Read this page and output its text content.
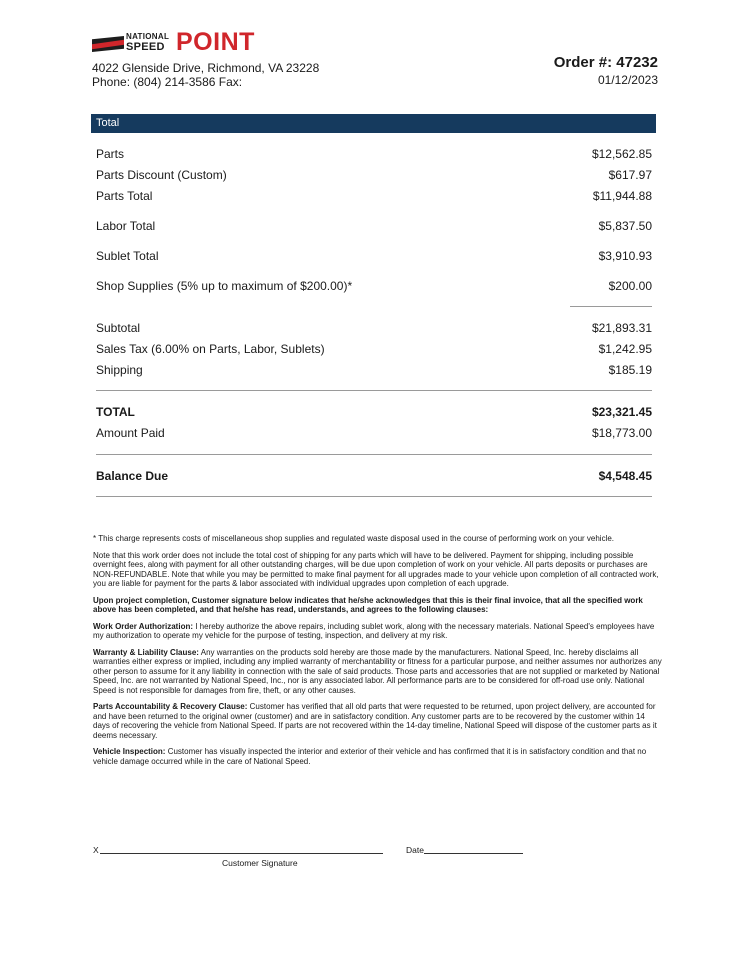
NATIONAL
SPEED POINT
4022 Glenside Drive, Richmond, VA 23228
Phone: (804) 214-3586 Fax:
Order #: 47232
01/12/2023
Total
Parts	$12,562.85
Parts Discount (Custom)	$617.97
Parts Total	$11,944.88
Labor Total	$5,837.50
Sublet Total	$3,910.93
Shop Supplies (5% up to maximum of $200.00)*	$200.00
Subtotal	$21,893.31
Sales Tax (6.00% on Parts, Labor, Sublets)	$1,242.95
Shipping	$185.19
TOTAL	$23,321.45
Amount Paid	$18,773.00
Balance Due	$4,548.45

* This charge represents costs of miscellaneous shop supplies and regulated waste disposal used in the course of performing work on your vehicle.

Note that this work order does not include the total cost of shipping for any parts which will have to be delivered. Payment for shipping, including possible overnight fees, along with payment for all other outstanding charges, will be due upon completion of work on your vehicle. All parts deposits or purchases are NON-REFUNDABLE. Note that while you may be permitted to make final payment for all upgrades made to your vehicle upon completion of all contracted work, you are liable for payment for the parts & labor associated with individual upgrades upon completion of each upgrade.

Upon project completion, Customer signature below indicates that he/she acknowledges that this is their final invoice, that all the specified work above has been completed, and that he/she has read, understands, and agrees to the following clauses:

Work Order Authorization: I hereby authorize the above repairs, including sublet work, along with the necessary materials. National Speed's employees have my authorization to operate my vehicle for the purpose of testing, inspection, and delivery at my risk.

Warranty & Liability Clause: Any warranties on the products sold hereby are those made by the manufacturers. National Speed, Inc. hereby disclaims all warranties either express or implied, including any implied warranty of merchantability or fitness for a particular purpose, and neither assumes nor authorizes any other person to assume for it any liability in connection with the sale of said products. Those parts and accessories that are not supplied or marketed by National Speed, Inc. are not warranted by National Speed, Inc., nor is any associated labor. All performance parts are to be considered for off-road use only. National Speed is not responsible for damages from fire, theft, or any other causes.

Parts Accountability & Recovery Clause: Customer has verified that all old parts that were requested to be returned, upon project delivery, are accounted for and have been returned to the original owner (customer) and are in satisfactory condition. Any customer parts are to be recovered by the customer within 14 days of recovering the vehicle from National Speed. If parts are not recovered within the 14-day timeline, National Speed will dispose of the customer parts as it deems necessary.

Vehicle Inspection: Customer has visually inspected the interior and exterior of their vehicle and has confirmed that it is in satisfactory condition and that no vehicle damage occurred while in the care of National Speed.

X
Customer Signature
Date
